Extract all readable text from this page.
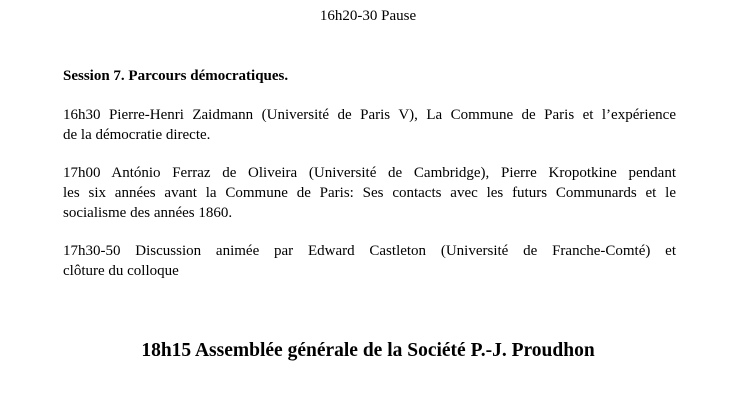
16h20-30 Pause
Session 7. Parcours démocratiques.
16h30 Pierre-Henri Zaidmann (Université de Paris V), La Commune de Paris et l’expérience
de la démocratie directe.
17h00 António Ferraz de Oliveira (Université de Cambridge), Pierre Kropotkine pendant
les six années avant la Commune de Paris: Ses contacts avec les futurs Communards et le
socialisme des années 1860.
17h30-50 Discussion animée par Edward Castleton (Université de Franche-Comté) et
clôture du colloque
18h15 Assemblée générale de la Société P.-J. Proudhon
